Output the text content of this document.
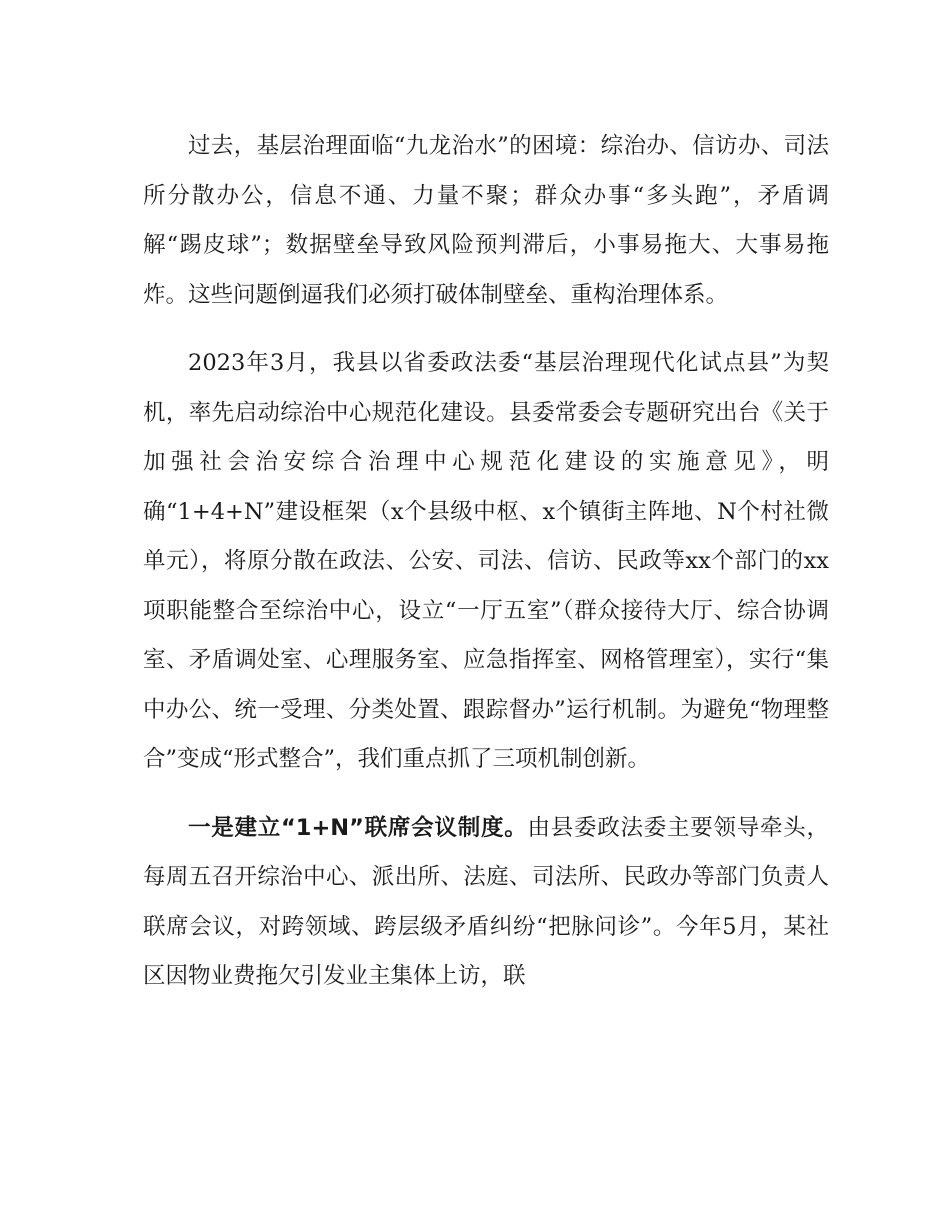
过去，基层治理面临“九龙治水”的困境：综治办、信访办、司法所分散办公，信息不通、力量不聚；群众办事“多头跑”，矛盾调解“踢皮球”；数据壁垒导致风险预判滞后，小事易拖大、大事易拖炸。这些问题倒逼我们必须打破体制壁垒、重构治理体系。

2023年3月，我县以省委政法委“基层治理现代化试点县”为契机，率先启动综治中心规范化建设。县委常委会专题研究出台《关于加强社会治安综合治理中心规范化建设的实施意见》，明确“1+4+N”建设框架（x个县级中枢、x个镇街主阵地、N个村社微单元），将原分散在政法、公安、司法、信访、民政等xx个部门的xx项职能整合至综治中心，设立“一厅五室”（群众接待大厅、综合协调室、矛盾调处室、心理服务室、应急指挥室、网格管理室），实行“集中办公、统一受理、分类处置、跟踪督办”运行机制。为避免“物理整合”变成“形式整合”，我们重点抓了三项机制创新。

一是建立“1+N”联席会议制度。由县委政法委主要领导牵头，每周五召开综治中心、派出所、法庭、司法所、民政办等部门负责人联席会议，对跨领域、跨层级矛盾纠纷“把脉问诊”。今年5月，某社区因物业费拖欠引发业主集体上访，联
